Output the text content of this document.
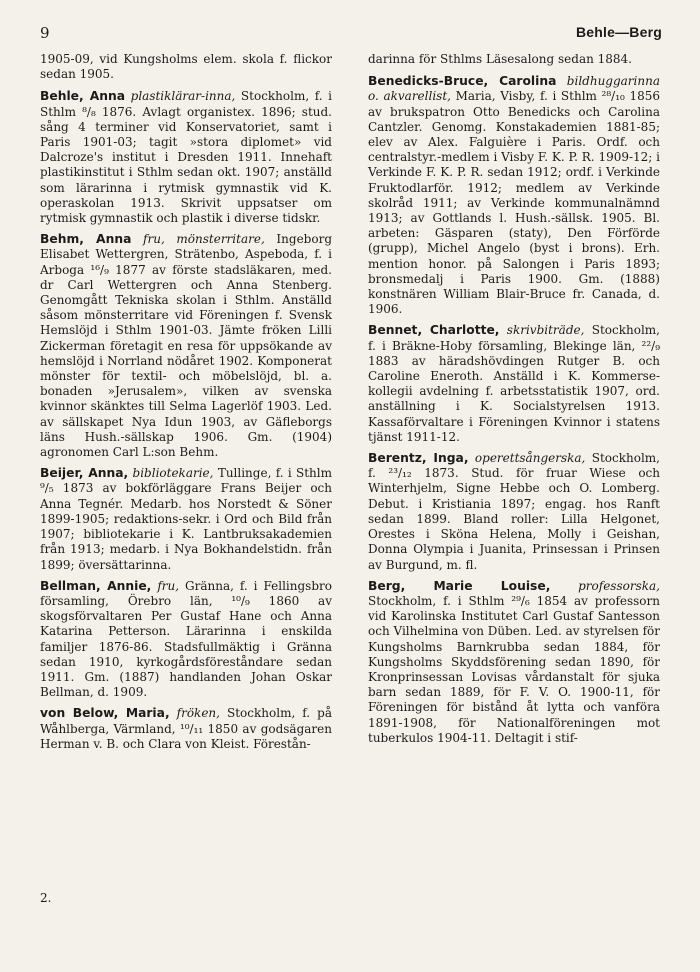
9	Behle—Berg

1905-09, vid Kungsholms elem. skola f. flickor sedan 1905.

Behle, Anna plastiklärar-inna, Stockholm, f. i Sthlm ⁸/₈ 1876. Avlagt organistex. 1896; stud. sång 4 terminer vid Konservatoriet, samt i Paris 1901-03; tagit »stora diplomet» vid Dalcroze's institut i Dresden 1911. Innehaft plastikinstitut i Sthlm sedan okt. 1907; anställd som lärarinna i rytmisk gymnastik vid K. operaskolan 1913. Skrivit uppsatser om rytmisk gymnastik och plastik i diverse tidskr.

Behm, Anna fru, mönsterritare, Ingeborg Elisabet Wettergren, Strätenbo, Aspeboda, f. i Arboga ¹⁶/₉ 1877 av förste stadsläkaren, med. dr Carl Wettergren och Anna Stenberg. Genomgått Tekniska skolan i Sthlm. Anställd såsom mönsterritare vid Föreningen f. Svensk Hemslöjd i Sthlm 1901-03. Jämte fröken Lilli Zickerman företagit en resa för uppsökande av hemslöjd i Norrland nödåret 1902. Komponerat mönster för textil- och möbelslöjd, bl. a. bonaden »Jerusalem», vilken av svenska kvinnor skänktes till Selma Lagerlöf 1903. Led. av sällskapet Nya Idun 1903, av Gäfleborgs läns Hush.-sällskap 1906. Gm. (1904) agronomen Carl L:son Behm.

Beijer, Anna, bibliotekarie, Tullinge, f. i Sthlm ⁹/₅ 1873 av bokförläggare Frans Beijer och Anna Tegnér. Medarb. hos Norstedt & Söner 1899-1905; redaktions-sekr. i Ord och Bild från 1907; bibliotekarie i K. Lantbruksakademien från 1913; medarb. i Nya Bokhandelstidn. från 1899; översättarinna.

Bellman, Annie, fru, Gränna, f. i Fellingsbro församling, Örebro län, ¹⁰/₉ 1860 av skogsförvaltaren Per Gustaf Hane och Anna Katarina Petterson. Lärarinna i enskilda familjer 1876-86. Stadsfullmäktig i Gränna sedan 1910, kyrkogårdsföreståndare sedan 1911. Gm. (1887) handlanden Johan Oskar Bellman, d. 1909.

von Below, Maria, fröken, Stockholm, f. på Wåhlberga, Värmland, ¹⁰/₁₁ 1850 av godsägaren Herman v. B. och Clara von Kleist. Förestån-

darinna för Sthlms Läsesalong sedan 1884.

Benedicks-Bruce, Carolina bildhuggarinna o. akvarellist, Maria, Visby, f. i Sthlm ²⁸/₁₀ 1856 av brukspatron Otto Benedicks och Carolina Cantzler. Genomg. Konstakademien 1881-85; elev av Alex. Falguière i Paris. Ordf. och centralstyr.-medlem i Visby F. K. P. R. 1909-12; i Verkinde F. K. P. R. sedan 1912; ordf. i Verkinde Fruktodlarför. 1912; medlem av Verkinde skolråd 1911; av Verkinde kommunalnämnd 1913; av Gottlands l. Hush.-sällsk. 1905. Bl. arbeten: Gäsparen (staty), Den Förförde (grupp), Michel Angelo (byst i brons). Erh. mention honor. på Salongen i Paris 1893; bronsmedalj i Paris 1900. Gm. (1888) konstnären William Blair-Bruce fr. Canada, d. 1906.

Bennet, Charlotte, skrivbiträde, Stockholm, f. i Bräkne-Hoby församling, Blekinge län, ²²/₉ 1883 av häradshövdingen Rutger B. och Caroline Eneroth. Anställd i K. Kommerse-kollegii avdelning f. arbetsstatistik 1907, ord. anställning i K. Socialstyrelsen 1913. Kassaförvaltare i Föreningen Kvinnor i statens tjänst 1911-12.

Berentz, Inga, operettsångerska, Stockholm, f. ²³/₁₂ 1873. Stud. för fruar Wiese och Winterhjelm, Signe Hebbe och O. Lomberg. Debut. i Kristiania 1897; engag. hos Ranft sedan 1899. Bland roller: Lilla Helgonet, Orestes i Sköna Helena, Molly i Geishan, Donna Olympia i Juanita, Prinsessan i Prinsen av Burgund, m. fl.

Berg, Marie Louise, professorska, Stockholm, f. i Sthlm ²⁹/₆ 1854 av professorn vid Karolinska Institutet Carl Gustaf Santesson och Vilhelmina von Düben. Led. av styrelsen för Kungsholms Barnkrubba sedan 1884, för Kungsholms Skyddsförening sedan 1890, för Kronprinsessan Lovisas vårdanstalt för sjuka barn sedan 1889, för F. V. O. 1900-11, för Föreningen för bistånd åt lytta och vanföra 1891-1908, för Nationalföreningen mot tuberkulos 1904-11. Deltagit i stif-

2.
